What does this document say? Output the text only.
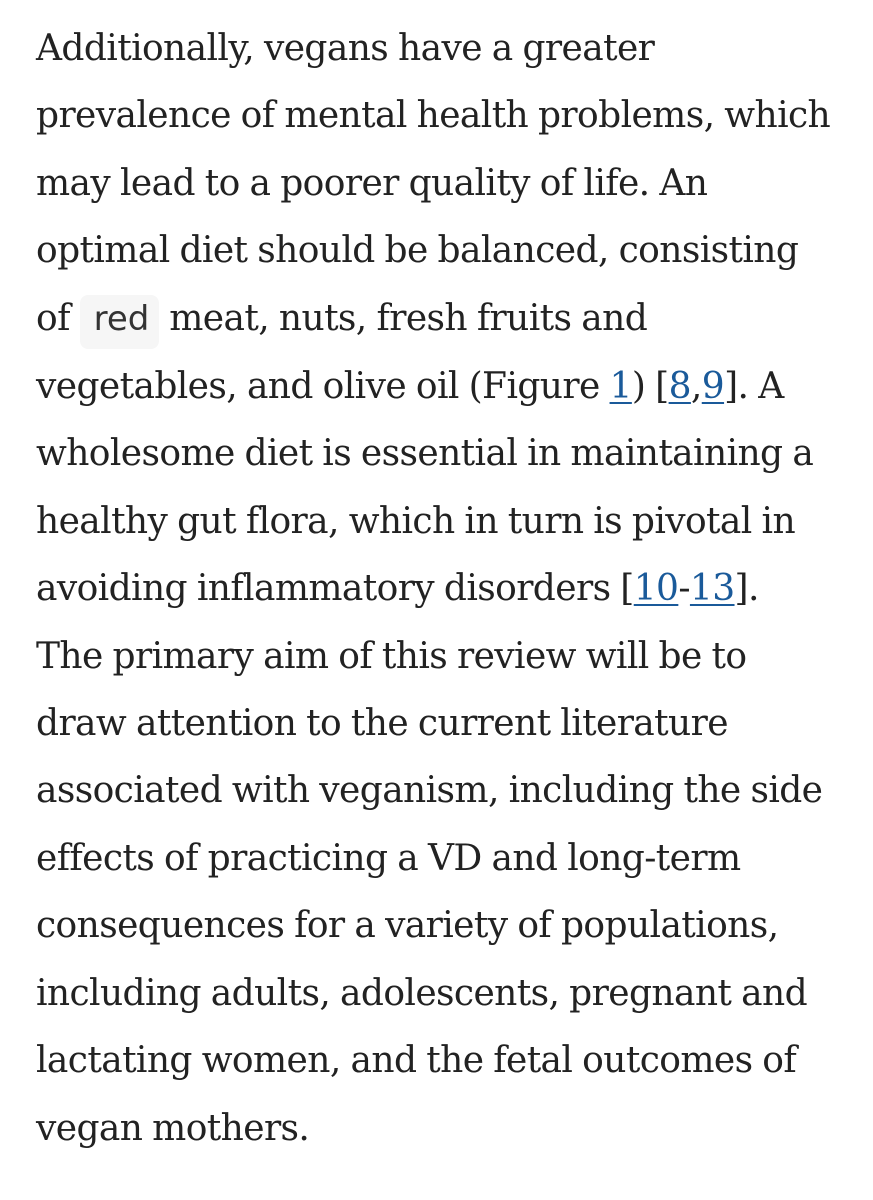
Additionally, vegans have a greater
prevalence of mental health problems, which
may lead to a poorer quality of life. An
optimal diet should be balanced, consisting
of red meat, nuts, fresh fruits and
vegetables, and olive oil (Figure 1) [8,9]. A
wholesome diet is essential in maintaining a
healthy gut flora, which in turn is pivotal in
avoiding inflammatory disorders [10-13].
The primary aim of this review will be to
draw attention to the current literature
associated with veganism, including the side
effects of practicing a VD and long-term
consequences for a variety of populations,
including adults, adolescents, pregnant and
lactating women, and the fetal outcomes of
vegan mothers.
